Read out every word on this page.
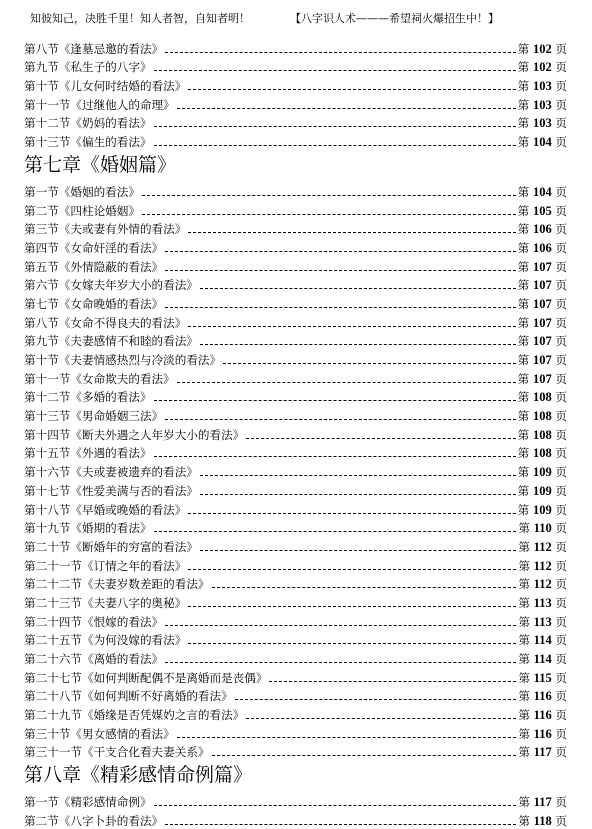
知彼知己，决胜千里！知人者智，自知者明！	【八字识人术———希望祠火爆招生中！】
第八节《逢墓忌邀的看法》	第 102 页
第九节《私生子的八字》	第 102 页
第十节《儿女何时结婚的看法》	第 103 页
第十一节《过继他人的命理》	第 103 页
第十二节《奶妈的看法》	第 103 页
第十三节《偏生的看法》	第 104 页
第七章《婚姻篇》
第一节《婚姻的看法》	第 104 页
第二节《四柱论婚姻》	第 105 页
第三节《夫或妻有外情的看法》	第 106 页
第四节《女命奸淫的看法》	第 106 页
第五节《外情隐蔽的看法》	第 107 页
第六节《女嫁夫年岁大小的看法》	第 107 页
第七节《女命晚婚的看法》	第 107 页
第八节《女命不得良夫的看法》	第 107 页
第九节《夫妻感情不和睦的看法》	第 107 页
第十节《夫妻情感热烈与冷淡的看法》	第 107 页
第十一节《女命欺夫的看法》	第 107 页
第十二节《多婚的看法》	第 108 页
第十三节《男命婚姻三法》	第 108 页
第十四节《断夫外遇之人年岁大小的看法》	第 108 页
第十五节《外遇的看法》	第 108 页
第十六节《夫或妻被遗弃的看法》	第 109 页
第十七节《性爱美满与否的看法》	第 109 页
第十八节《早婚或晚婚的看法》	第 109 页
第十九节《婚期的看法》	第 110 页
第二十节《断婚年的穷富的看法》	第 112 页
第二十一节《订情之年的看法》	第 112 页
第二十二节《夫妻岁数差距的看法》	第 112 页
第二十三节《夫妻八字的奥秘》	第 113 页
第二十四节《恨嫁的看法》	第 113 页
第二十五节《为何没嫁的看法》	第 114 页
第二十六节《离婚的看法》	第 114 页
第二十七节《如何判断配偶不是离婚而是丧偶》	第 115 页
第二十八节《如何判断不好离婚的看法》	第 116 页
第二十九节《婚缘是否凭媒妁之言的看法》	第 116 页
第三十节《男女感情的看法》	第 116 页
第三十一节《干支合化看夫妻关系》	第 117 页
第八章《精彩感情命例篇》
第一节《精彩感情命例》	第 117 页
第二节《八字卜卦的看法》	第 118 页
